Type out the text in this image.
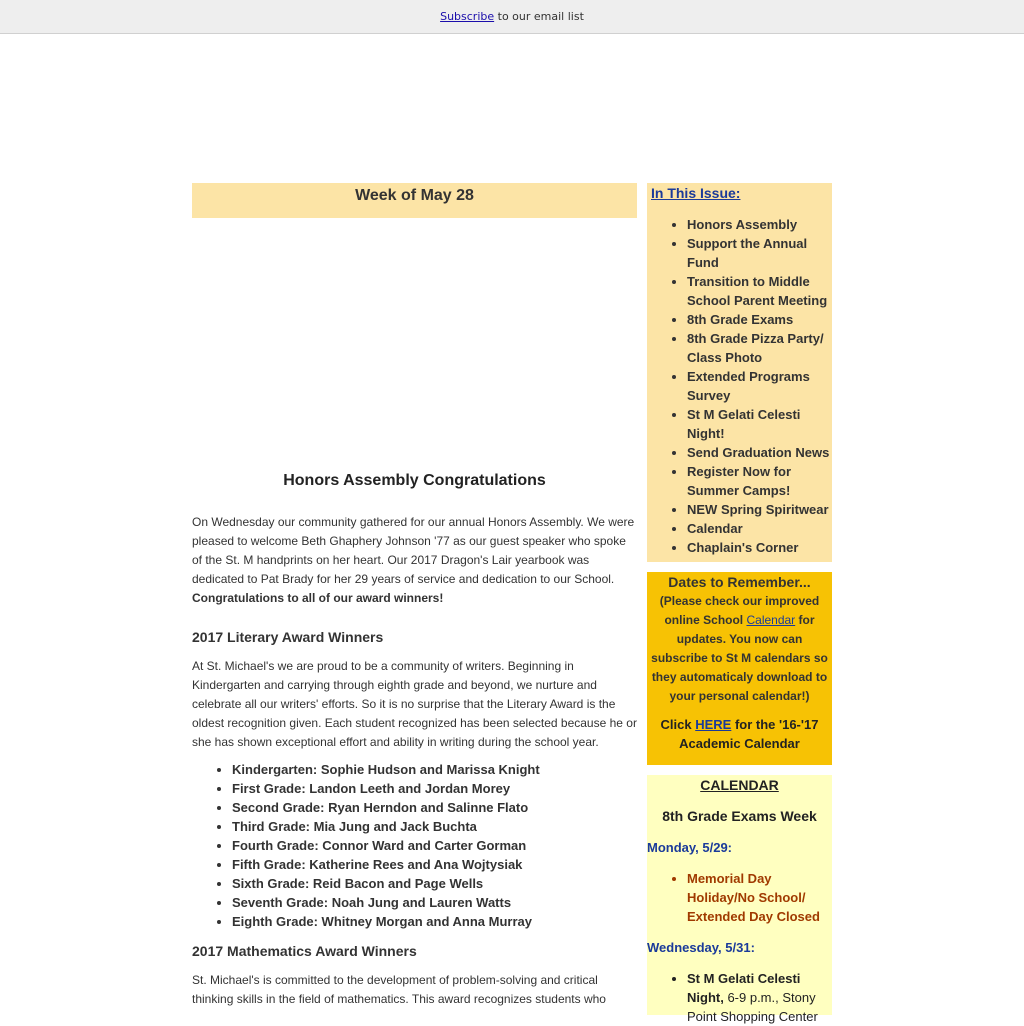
Subscribe to our email list
Week of May 28
Honors Assembly Congratulations

On Wednesday our community gathered for our annual Honors Assembly. We were pleased to welcome Beth Ghaphery Johnson '77 as our guest speaker who spoke of the St. M handprints on her heart. Our 2017 Dragon's Lair yearbook was dedicated to Pat Brady for her 29 years of service and dedication to our School. Congratulations to all of our award winners!

2017 Literary Award Winners

At St. Michael's we are proud to be a community of writers. Beginning in Kindergarten and carrying through eighth grade and beyond, we nurture and celebrate all our writers' efforts. So it is no surprise that the Literary Award is the oldest recognition given. Each student recognized has been selected because he or she has shown exceptional effort and ability in writing during the school year.

• Kindergarten: Sophie Hudson and Marissa Knight
• First Grade: Landon Leeth and Jordan Morey
• Second Grade: Ryan Herndon and Salinne Flato
• Third Grade: Mia Jung and Jack Buchta
• Fourth Grade: Connor Ward and Carter Gorman
• Fifth Grade: Katherine Rees and Ana Wojtysiak
• Sixth Grade: Reid Bacon and Page Wells
• Seventh Grade: Noah Jung and Lauren Watts
• Eighth Grade: Whitney Morgan and Anna Murray
2017 Mathematics Award Winners

St. Michael's is committed to the development of problem-solving and critical thinking skills in the field of mathematics. This award recognizes students who

In This Issue:
• Honors Assembly
• Support the Annual Fund
• Transition to Middle School Parent Meeting
• 8th Grade Exams
• 8th Grade Pizza Party/ Class Photo
• Extended Programs Survey
• St M Gelati Celesti Night!
• Send Graduation News
• Register Now for Summer Camps!
• NEW Spring Spiritwear
• Calendar
• Chaplain's Corner
Dates to Remember...
(Please check our improved online School Calendar for updates. You now can subscribe to St M calendars so they automaticaly download to your personal calendar!)
Click HERE for the '16-'17 Academic Calendar
CALENDAR
8th Grade Exams Week
Monday, 5/29:
• Memorial Day Holiday/No School/ Extended Day Closed
Wednesday, 5/31:
• St M Gelati Celesti Night, 6-9 p.m., Stony Point Shopping Center
